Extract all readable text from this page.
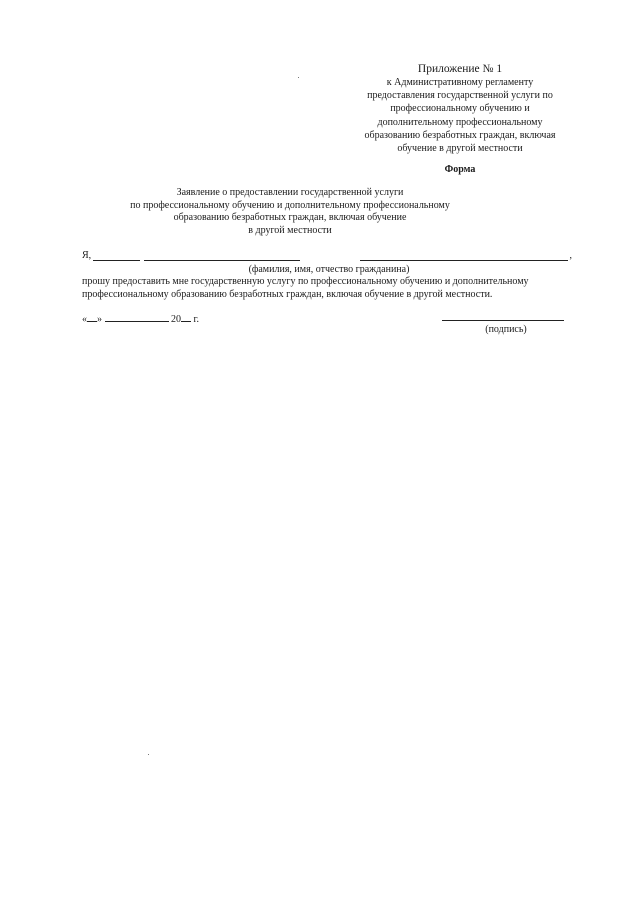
Приложение № 1
к Административному регламенту
предоставления государственной услуги по
профессиональному обучению и
дополнительному профессиональному
образованию безработных граждан, включая
обучение в другой местности
Форма
Заявление о предоставлении государственной услуги
по профессиональному обучению и дополнительному профессиональному
образованию безработных граждан, включая обучение
в другой местности
Я,	,
(фамилия, имя, отчество гражданина)
прошу предоставить мне государственную услугу по профессиональному обучению и дополнительному
профессиональному образованию безработных граждан, включая обучение в другой местности.
« »	20 г.
(подпись)
